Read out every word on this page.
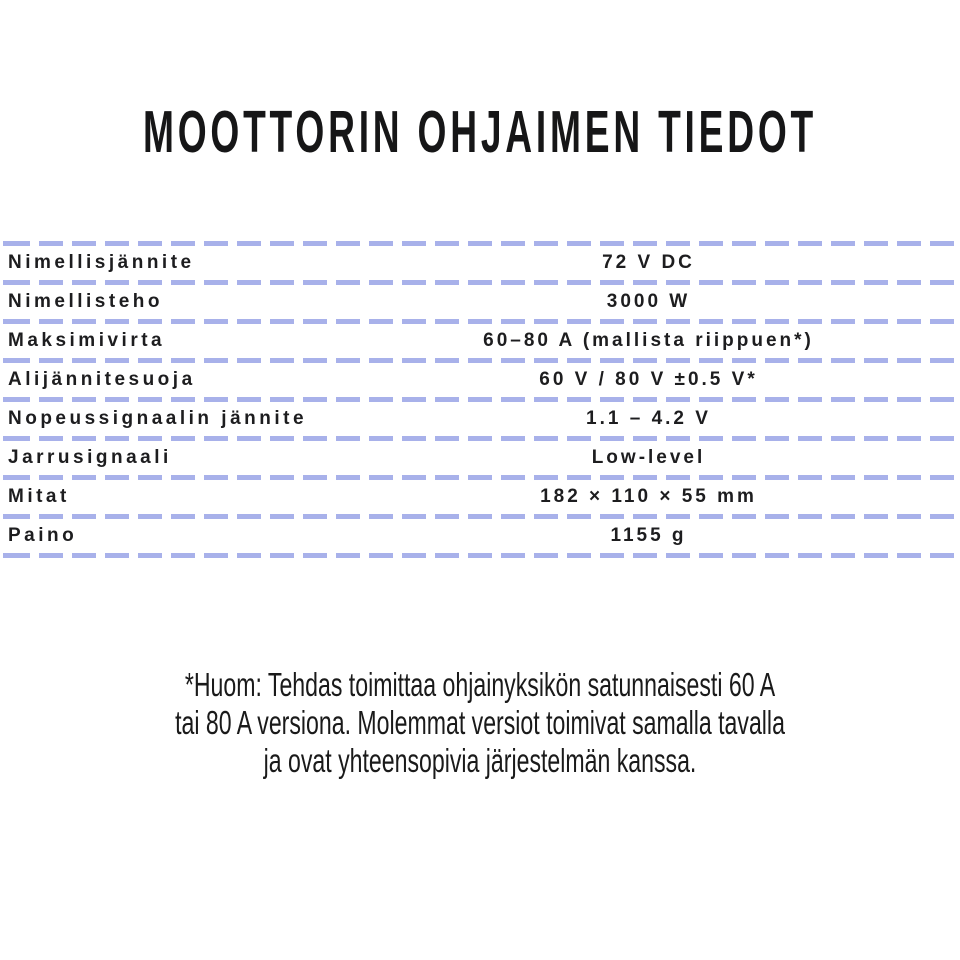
MOOTTORIN OHJAIMEN TIEDOT
Nimellisjännite	72 V DC
Nimellisteho	3000 W
Maksimivirta	60–80 A (mallista riippuen*)
Alijännitesuoja	60 V / 80 V ±0.5 V*
Nopeussignaalin jännite	1.1 – 4.2 V
Jarrusignaali	Low-level
Mitat	182 × 110 × 55 mm
Paino	1155 g
*Huom: Tehdas toimittaa ohjainyksikön satunnaisesti 60 A
tai 80 A versiona. Molemmat versiot toimivat samalla tavalla
ja ovat yhteensopivia järjestelmän kanssa.
